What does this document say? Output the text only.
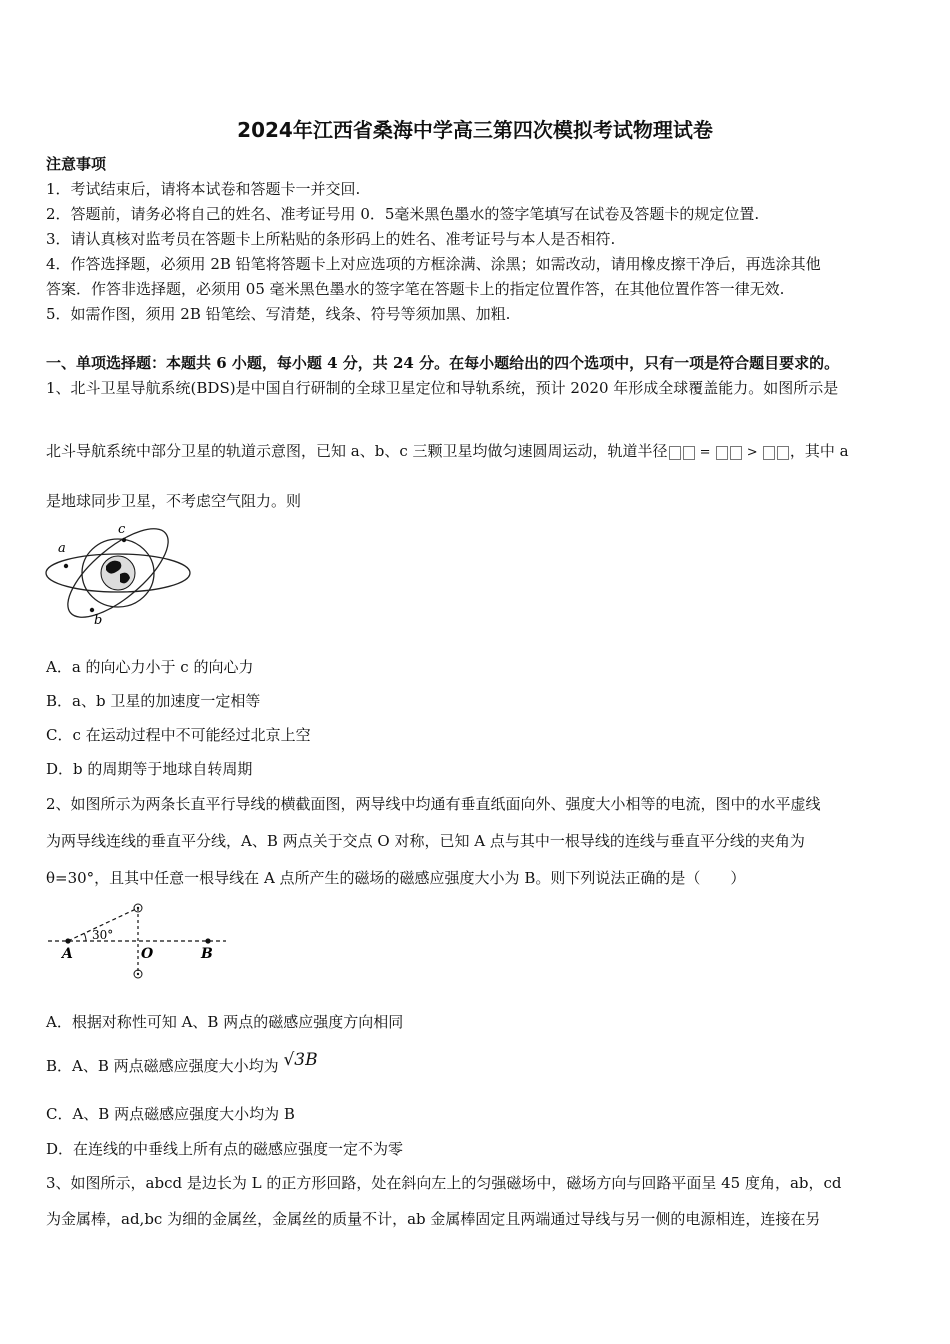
2024年江西省桑海中学高三第四次模拟考试物理试卷
注意事项
1．考试结束后，请将本试卷和答题卡一并交回.
2．答题前，请务必将自己的姓名、准考证号用 0．5毫米黑色墨水的签字笔填写在试卷及答题卡的规定位置.
3．请认真核对监考员在答题卡上所粘贴的条形码上的姓名、准考证号与本人是否相符.
4．作答选择题，必须用 2B 铅笔将答题卡上对应选项的方框涂满、涂黑；如需改动，请用橡皮擦干净后，再选涂其他
答案．作答非选择题，必须用 05 毫米黑色墨水的签字笔在答题卡上的指定位置作答，在其他位置作答一律无效.
5．如需作图，须用 2B 铅笔绘、写清楚，线条、符号等须加黑、加粗.
一、单项选择题：本题共 6 小题，每小题 4 分，共 24 分。在每小题给出的四个选项中，只有一项是符合题目要求的。
1、北斗卫星导航系统(BDS)是中国自行研制的全球卫星定位和导轨系统，预计 2020 年形成全球覆盖能力。如图所示是
北斗导航系统中部分卫星的轨道示意图，已知 a、b、c 三颗卫星均做匀速圆周运动，轨道半径 =  > ，其中 a
是地球同步卫星，不考虑空气阻力。则
a
c
b
A．a 的向心力小于 c 的向心力
B．a、b 卫星的加速度一定相等
C．c 在运动过程中不可能经过北京上空
D．b 的周期等于地球自转周期
2、如图所示为两条长直平行导线的横截面图，两导线中均通有垂直纸面向外、强度大小相等的电流，图中的水平虚线
为两导线连线的垂直平分线，A、B 两点关于交点 O 对称，已知 A 点与其中一根导线的连线与垂直平分线的夹角为
θ=30°，且其中任意一根导线在 A 点所产生的磁场的磁感应强度大小为 B。则下列说法正确的是（　　）
30°
A	O	B
A．根据对称性可知 A、B 两点的磁感应强度方向相同
B．A、B 两点磁感应强度大小均为 √3B
C．A、B 两点磁感应强度大小均为 B
D．在连线的中垂线上所有点的磁感应强度一定不为零
3、如图所示，abcd 是边长为 L 的正方形回路，处在斜向左上的匀强磁场中，磁场方向与回路平面呈 45 度角，ab，cd
为金属棒，ad,bc 为细的金属丝，金属丝的质量不计，ab 金属棒固定且两端通过导线与另一侧的电源相连，连接在另
